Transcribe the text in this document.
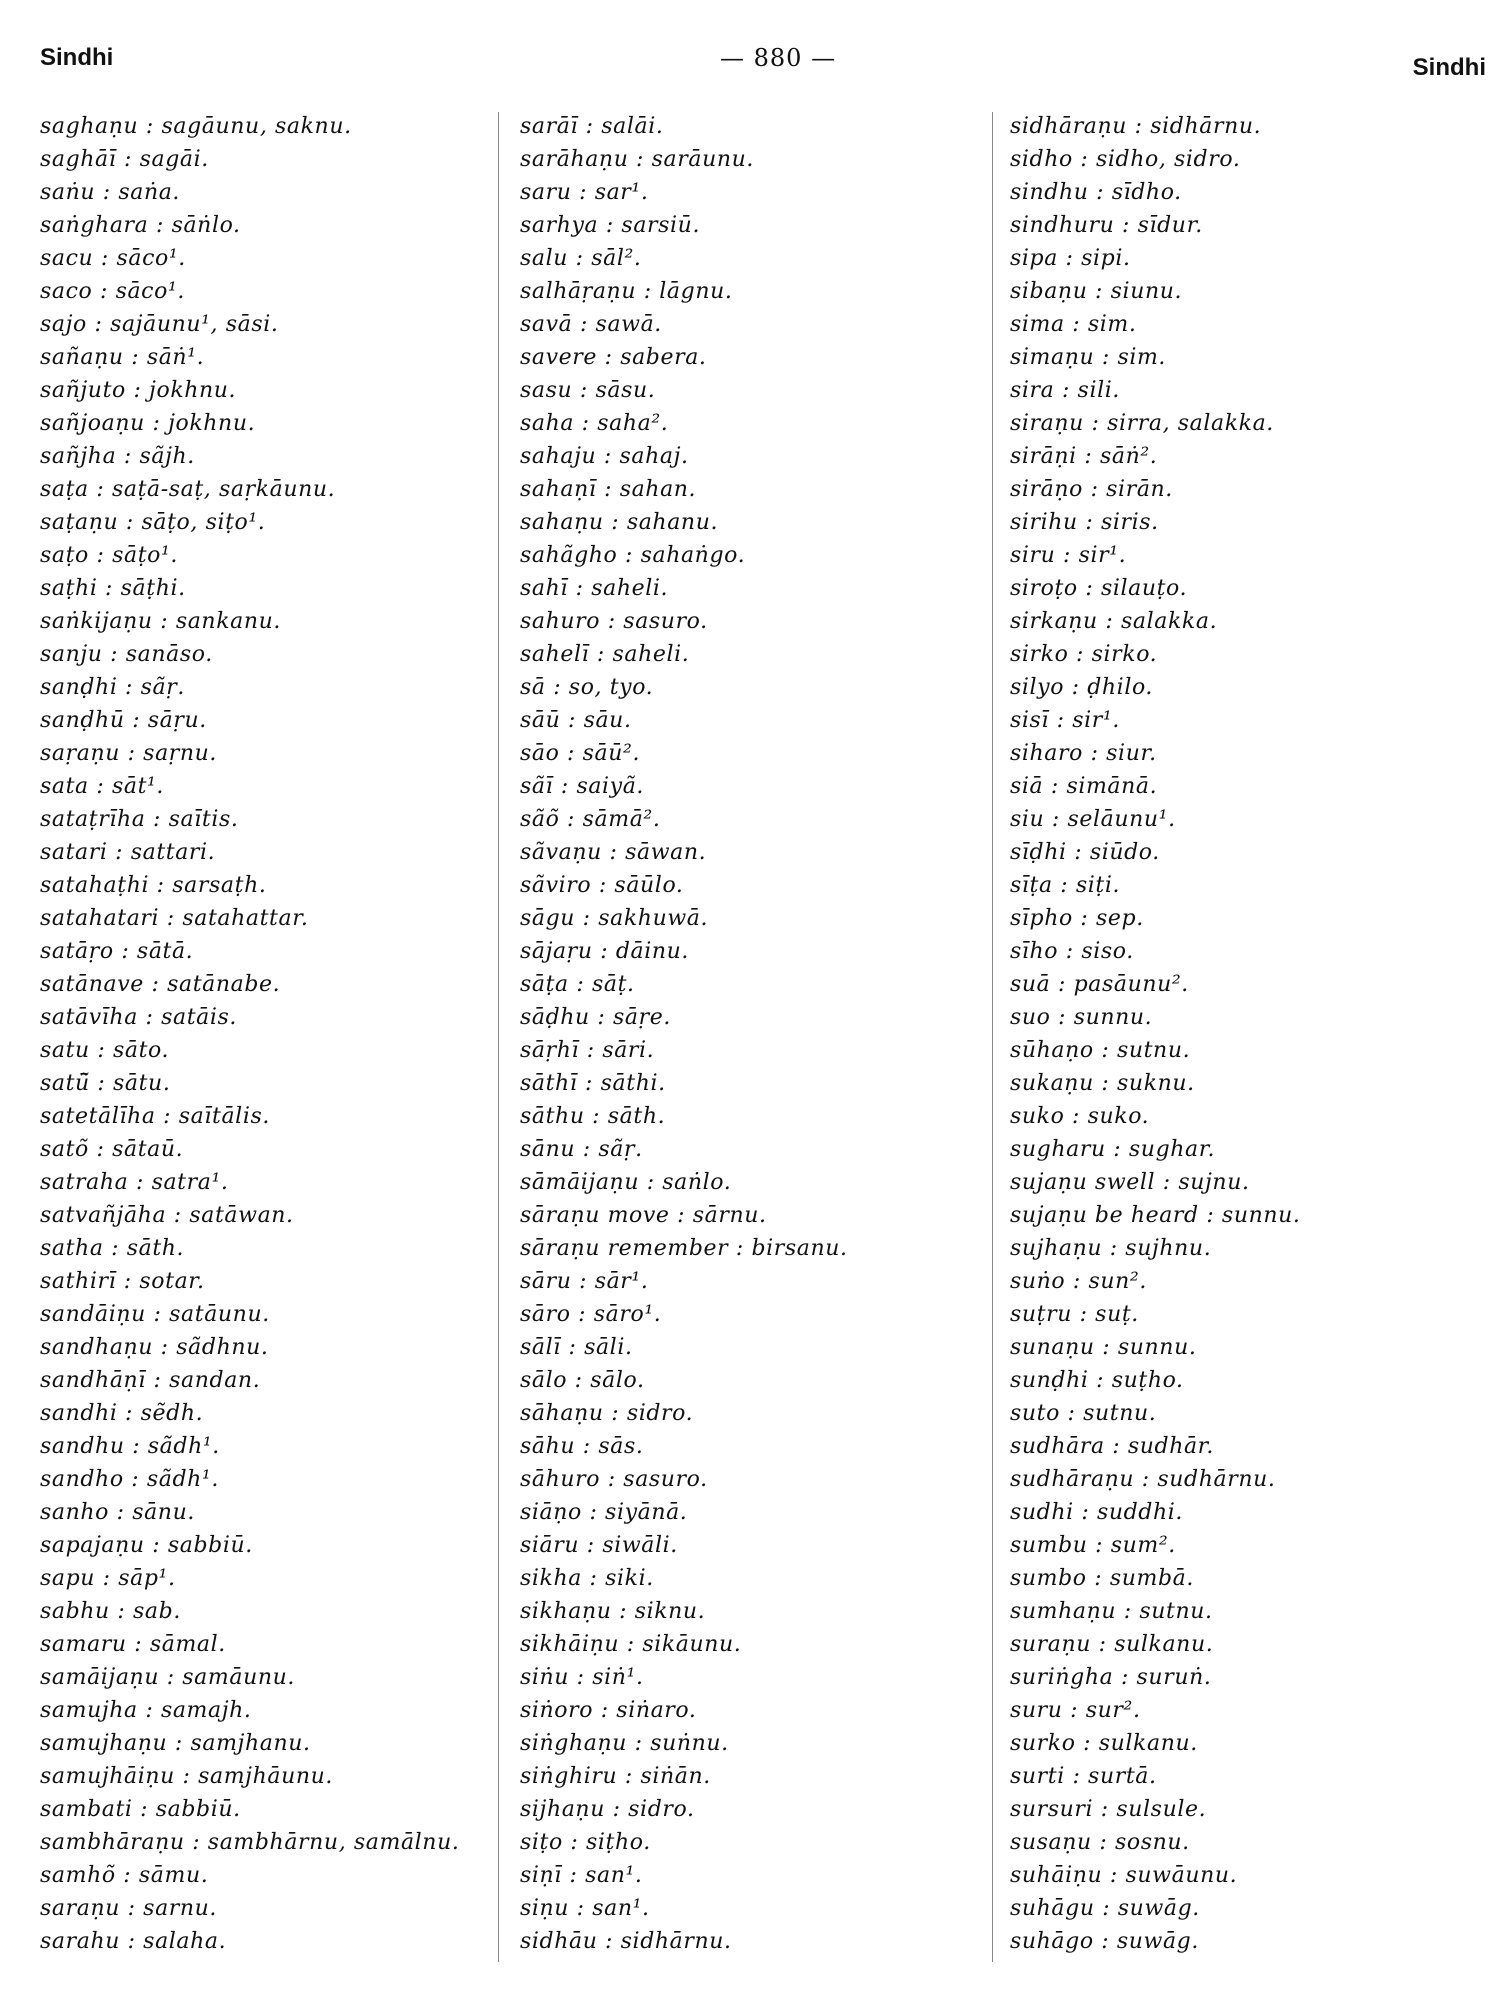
Sindhi	— 880 —	Sindhi
saghaṇu : sagāunu, saknu.
saghāī : sagāi.
saṅu : saṅa.
saṅghara : sāṅlo.
sacu : sāco¹.
saco : sāco¹.
sajo : sajāunu¹, sāsi.
sañaṇu : sāṅ¹.
sañjuto : jokhnu.
sañjoaṇu : jokhnu.
sañjha : sãjh.
saṭa : saṭā-saṭ, saṛkāunu.
saṭaṇu : sāṭo, siṭo¹.
saṭo : sāṭo¹.
saṭhi : sāṭhi.
saṅkijaṇu : sankanu.
sanju : sanāso.
sanḍhi : sãṛ.
sanḍhū : sāṛu.
saṛaṇu : saṛnu.
sata : sāt¹.
sataṭrīha : saītis.
satari : sattari.
satahaṭhi : sarsaṭh.
satahatari : satahattar.
satāṛo : sātā.
satānave : satānabe.
satāvīha : satāis.
satu : sāto.
satū̃ : sātu.
satetālīha : saītālis.
satõ : sātaū.
satraha : satra¹.
satvañjāha : satāwan.
satha : sāth.
sathirī : sotar.
sandāiṇu : satāunu.
sandhaṇu : sãdhnu.
sandhāṇī : sandan.
sandhi : sẽdh.
sandhu : sãdh¹.
sandho : sãdh¹.
sanho : sānu.
sapajaṇu : sabbiū.
sapu : sāp¹.
sabhu : sab.
samaru : sāmal.
samāijaṇu : samāunu.
samujha : samajh.
samujhaṇu : samjhanu.
samujhāiṇu : samjhāunu.
sambati : sabbiū.
sambhāraṇu : sambhārnu, samālnu.
samhõ : sāmu.
saraṇu : sarnu.
sarahu : salaha.
sarāī : salāi.
sarāhaṇu : sarāunu.
saru : sar¹.
sarhya : sarsiū.
salu : sāl².
salhāṛaṇu : lāgnu.
savā : sawā.
savere : sabera.
sasu : sāsu.
saha : saha².
sahaju : sahaj.
sahaṇī : sahan.
sahaṇu : sahanu.
sahãgho : sahaṅgo.
sahī : saheli.
sahuro : sasuro.
sahelī : saheli.
sā : so, tyo.
sāū : sāu.
sāo : sāū².
sãī : saiyã.
sãõ : sāmā².
sãvaṇu : sāwan.
sãviro : sāūlo.
sāgu : sakhuwā.
sājaṛu : dāinu.
sāṭa : sāṭ.
sāḍhu : sāṛe.
sāṛhī : sāri.
sāthī : sāthi.
sāthu : sāth.
sānu : sãṛ.
sāmāijaṇu : saṅlo.
sāraṇu move : sārnu.
sāraṇu remember : birsanu.
sāru : sār¹.
sāro : sāro¹.
sālī : sāli.
sālo : sālo.
sāhaṇu : sidro.
sāhu : sās.
sāhuro : sasuro.
siāṇo : siyānā.
siāru : siwāli.
sikha : siki.
sikhaṇu : siknu.
sikhāiṇu : sikāunu.
siṅu : siṅ¹.
siṅoro : siṅaro.
siṅghaṇu : suṅnu.
siṅghiru : siṅān.
sijhaṇu : sidro.
siṭo : siṭho.
siṇī : san¹.
siṇu : san¹.
sidhāu : sidhārnu.
sidhāraṇu : sidhārnu.
sidho : sidho, sidro.
sindhu : sīdho.
sindhuru : sīdur.
sipa : sipi.
sibaṇu : siunu.
sima : sim.
simaṇu : sim.
sira : sili.
siraṇu : sirra, salakka.
sirāṇi : sāṅ².
sirāṇo : sirān.
sirihu : siris.
siru : sir¹.
siroṭo : silauṭo.
sirkaṇu : salakka.
sirko : sirko.
silyo : ḍhilo.
sisī : sir¹.
siharo : siur.
siā : simānā.
siu : selāunu¹.
sīḍhi : siūdo.
sīṭa : siṭi.
sīpho : sep.
sīho : siso.
suā : pasāunu².
suo : sunnu.
sūhaṇo : sutnu.
sukaṇu : suknu.
suko : suko.
sugharu : sughar.
sujaṇu swell : sujnu.
sujaṇu be heard : sunnu.
sujhaṇu : sujhnu.
suṅo : sun².
suṭru : suṭ.
sunaṇu : sunnu.
sunḍhi : suṭho.
suto : sutnu.
sudhāra : sudhār.
sudhāraṇu : sudhārnu.
sudhi : suddhi.
sumbu : sum².
sumbo : sumbā.
sumhaṇu : sutnu.
suraṇu : sulkanu.
suriṅgha : suruṅ.
suru : sur².
surko : sulkanu.
surti : surtā.
sursuri : sulsule.
susaṇu : sosnu.
suhāiṇu : suwāunu.
suhāgu : suwāg.
suhāgo : suwāg.
